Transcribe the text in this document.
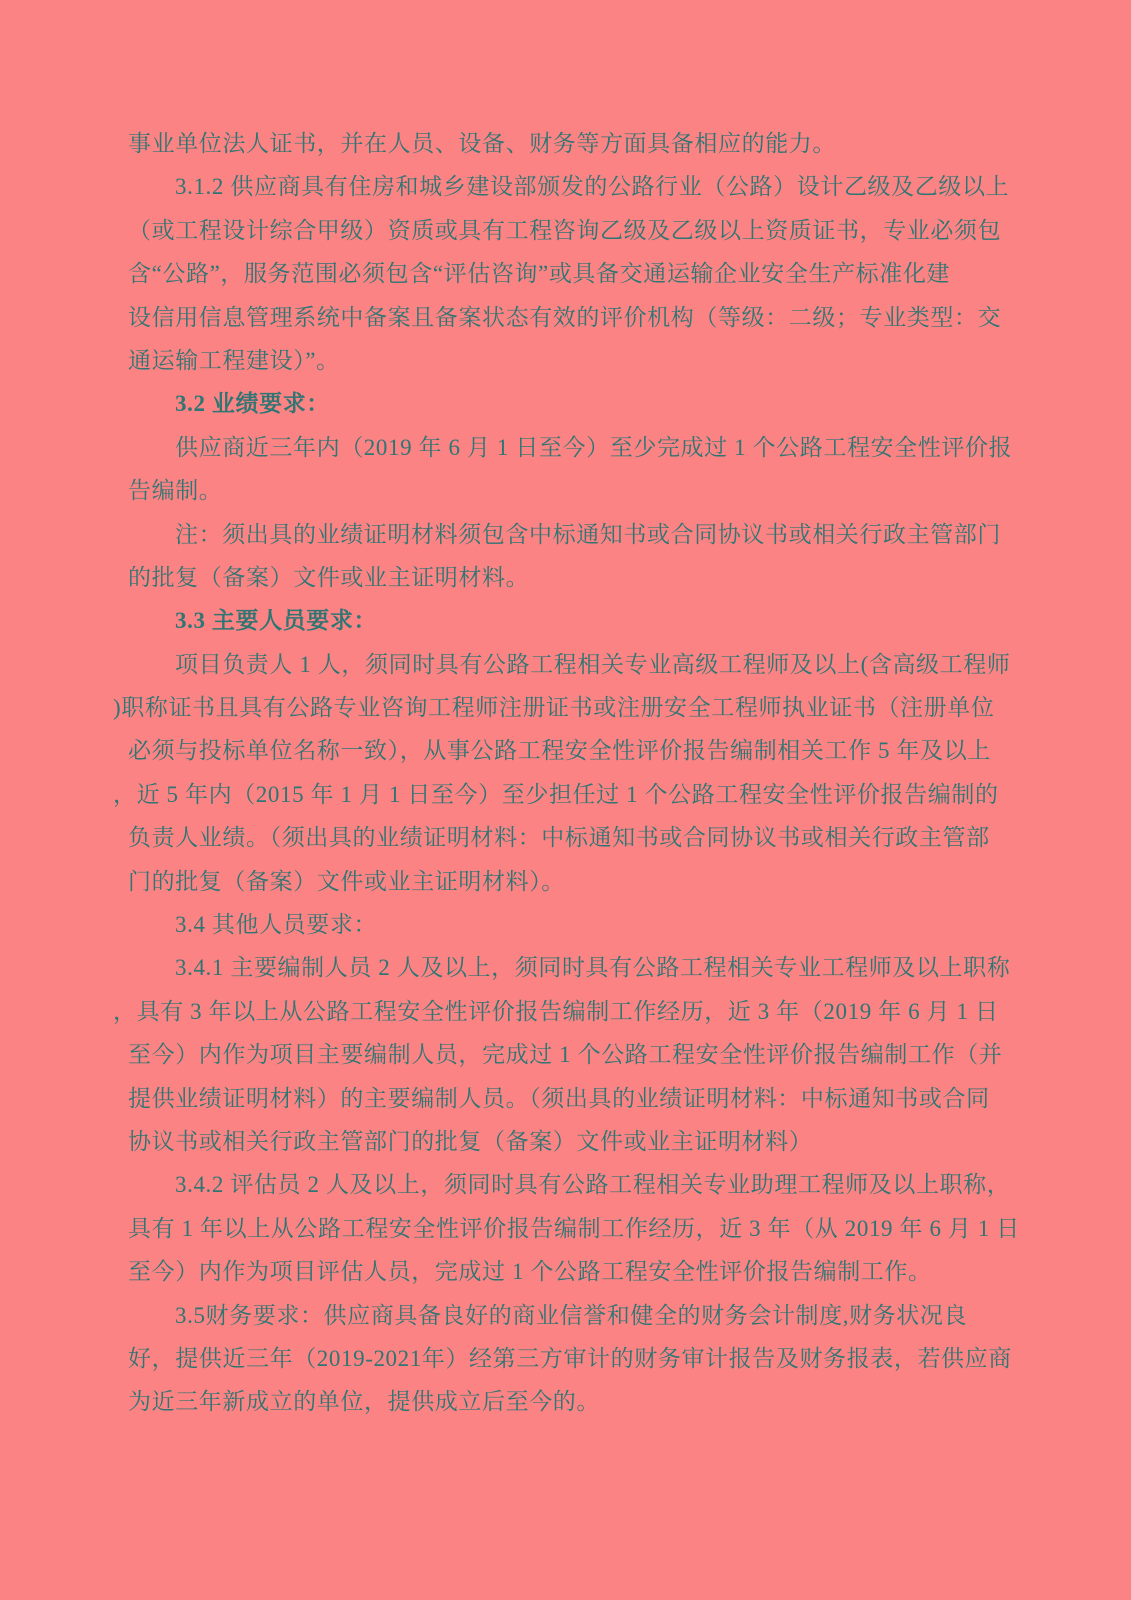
事业单位法人证书，并在人员、设备、财务等方面具备相应的能力。
3.1.2 供应商具有住房和城乡建设部颁发的公路行业（公路）设计乙级及乙级以上
（或工程设计综合甲级）资质或具有工程咨询乙级及乙级以上资质证书，专业必须包
含“公路”，服务范围必须包含“评估咨询”或具备交通运输企业安全生产标准化建
设信用信息管理系统中备案且备案状态有效的评价机构（等级：二级；专业类型：交
通运输工程建设）”。
3.2 业绩要求：
供应商近三年内（2019 年 6 月 1 日至今）至少完成过 1 个公路工程安全性评价报
告编制。
注：须出具的业绩证明材料须包含中标通知书或合同协议书或相关行政主管部门
的批复（备案）文件或业主证明材料。
3.3 主要人员要求：
项目负责人 1 人，须同时具有公路工程相关专业高级工程师及以上(含高级工程师
)职称证书且具有公路专业咨询工程师注册证书或注册安全工程师执业证书（注册单位
必须与投标单位名称一致），从事公路工程安全性评价报告编制相关工作 5 年及以上
，近 5 年内（2015 年 1 月 1 日至今）至少担任过 1 个公路工程安全性评价报告编制的
负责人业绩。（须出具的业绩证明材料：中标通知书或合同协议书或相关行政主管部
门的批复（备案）文件或业主证明材料）。
3.4 其他人员要求：
3.4.1 主要编制人员 2 人及以上，须同时具有公路工程相关专业工程师及以上职称
，具有 3 年以上从公路工程安全性评价报告编制工作经历，近 3 年（2019 年 6 月 1 日
至今）内作为项目主要编制人员，完成过 1 个公路工程安全性评价报告编制工作（并
提供业绩证明材料）的主要编制人员。（须出具的业绩证明材料：中标通知书或合同
协议书或相关行政主管部门的批复（备案）文件或业主证明材料）
3.4.2 评估员 2 人及以上，须同时具有公路工程相关专业助理工程师及以上职称，
具有 1 年以上从公路工程安全性评价报告编制工作经历，近 3 年（从 2019 年 6 月 1 日
至今）内作为项目评估人员，完成过 1 个公路工程安全性评价报告编制工作。
3.5财务要求：供应商具备良好的商业信誉和健全的财务会计制度,财务状况良
好，提供近三年（2019-2021年）经第三方审计的财务审计报告及财务报表，若供应商
为近三年新成立的单位，提供成立后至今的。
